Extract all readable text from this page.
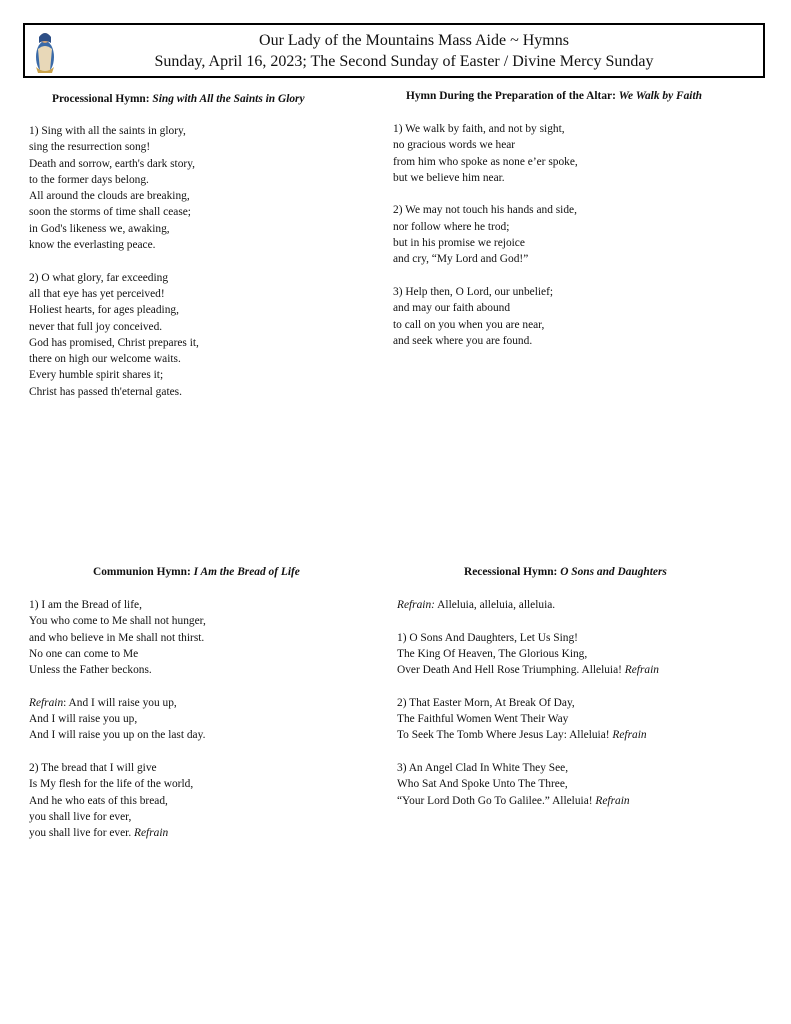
Our Lady of the Mountains Mass Aide ~ Hymns
Sunday, April 16, 2023; The Second Sunday of Easter / Divine Mercy Sunday
Processional Hymn: Sing with All the Saints in Glory
1) Sing with all the saints in glory,
sing the resurrection song!
Death and sorrow, earth's dark story,
to the former days belong.
All around the clouds are breaking,
soon the storms of time shall cease;
in God's likeness we, awaking,
know the everlasting peace.
2) O what glory, far exceeding
all that eye has yet perceived!
Holiest hearts, for ages pleading,
never that full joy conceived.
God has promised, Christ prepares it,
there on high our welcome waits.
Every humble spirit shares it;
Christ has passed th'eternal gates.
Hymn During the Preparation of the Altar: We Walk by Faith
1) We walk by faith, and not by sight,
no gracious words we hear
from him who spoke as none e’er spoke,
but we believe him near.
2) We may not touch his hands and side,
nor follow where he trod;
but in his promise we rejoice
and cry, “My Lord and God!”
3) Help then, O Lord, our unbelief;
and may our faith abound
to call on you when you are near,
and seek where you are found.
Communion Hymn: I Am the Bread of Life
1) I am the Bread of life,
You who come to Me shall not hunger,
and who believe in Me shall not thirst.
No one can come to Me
Unless the Father beckons.
Refrain: And I will raise you up,
And I will raise you up,
And I will raise you up on the last day.
2) The bread that I will give
Is My flesh for the life of the world,
And he who eats of this bread,
you shall live for ever,
you shall live for ever. Refrain
Recessional Hymn: O Sons and Daughters
Refrain: Alleluia, alleluia, alleluia.
1) O Sons And Daughters, Let Us Sing!
The King Of Heaven, The Glorious King,
Over Death And Hell Rose Triumphing. Alleluia! Refrain
2) That Easter Morn, At Break Of Day,
The Faithful Women Went Their Way
To Seek The Tomb Where Jesus Lay: Alleluia! Refrain
3) An Angel Clad In White They See,
Who Sat And Spoke Unto The Three,
“Your Lord Doth Go To Galilee.” Alleluia! Refrain
